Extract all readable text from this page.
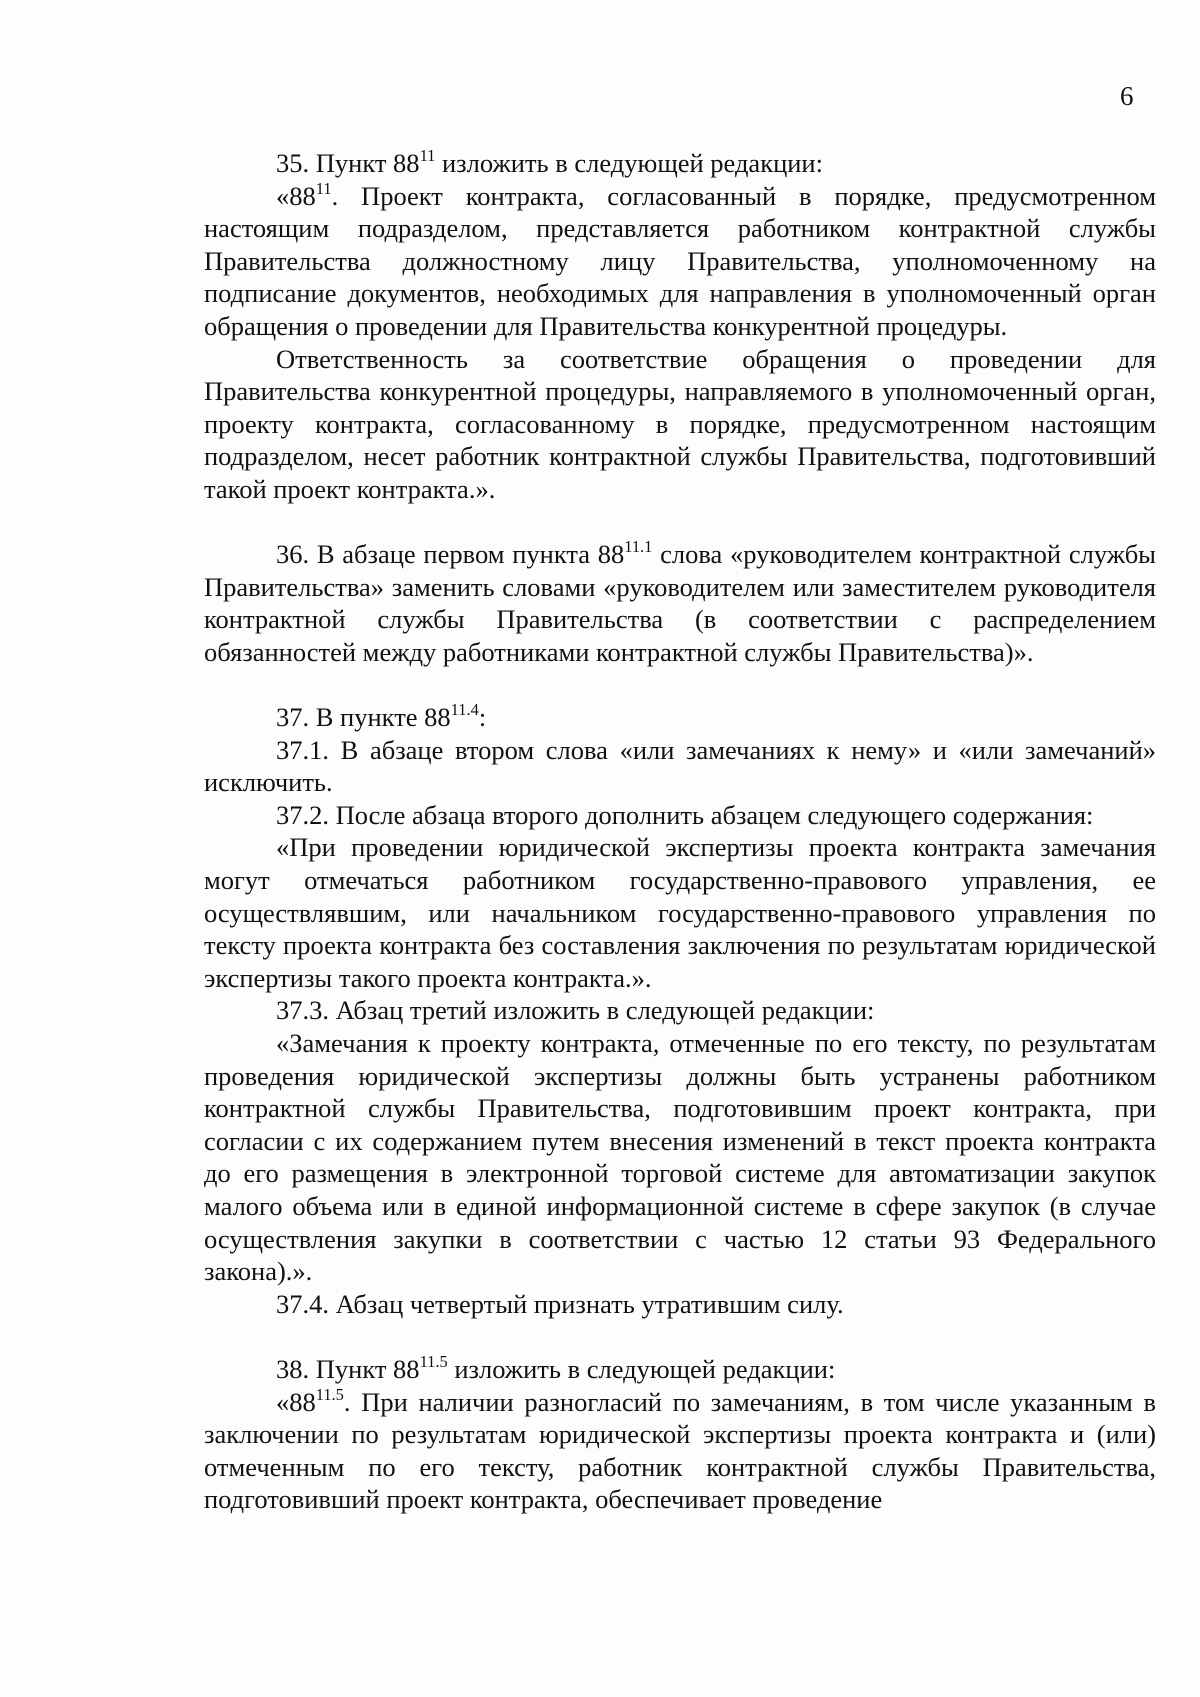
6

35. Пункт $88^{11}$ изложить в следующей редакции:

«$88^{11}$. Проект контракта, согласованный в порядке, предусмотренном настоящим подразделом, представляется работником контрактной службы Правительства должностному лицу Правительства, уполномоченному на подписание документов, необходимых для направления в уполномоченный орган обращения о проведении для Правительства конкурентной процедуры.

Ответственность за соответствие обращения о проведении для Правительства конкурентной процедуры, направляемого в уполномоченный орган, проекту контракта, согласованному в порядке, предусмотренном настоящим подразделом, несет работник контрактной службы Правительства, подготовивший такой проект контракта.».

36. В абзаце первом пункта $88^{11.1}$ слова «руководителем контрактной службы Правительства» заменить словами «руководителем или заместителем руководителя контрактной службы Правительства (в соответствии с распределением обязанностей между работниками контрактной службы Правительства)».

37. В пункте $88^{11.4}$:

37.1. В абзаце втором слова «или замечаниях к нему» и «или замечаний» исключить.

37.2. После абзаца второго дополнить абзацем следующего содержания:

«При проведении юридической экспертизы проекта контракта замечания могут отмечаться работником государственно-правового управления, ее осуществлявшим, или начальником государственно-правового управления по тексту проекта контракта без составления заключения по результатам юридической экспертизы такого проекта контракта.».

37.3. Абзац третий изложить в следующей редакции:

«Замечания к проекту контракта, отмеченные по его тексту, по результатам проведения юридической экспертизы должны быть устранены работником контрактной службы Правительства, подготовившим проект контракта, при согласии с их содержанием путем внесения изменений в текст проекта контракта до его размещения в электронной торговой системе для автоматизации закупок малого объема или в единой информационной системе в сфере закупок (в случае осуществления закупки в соответствии с частью 12 статьи 93 Федерального закона).».

37.4. Абзац четвертый признать утратившим силу.

38. Пункт $88^{11.5}$ изложить в следующей редакции:

«$88^{11.5}$. При наличии разногласий по замечаниям, в том числе указанным в заключении по результатам юридической экспертизы проекта контракта и (или) отмеченным по его тексту, работник контрактной службы Правительства, подготовивший проект контракта, обеспечивает проведение
